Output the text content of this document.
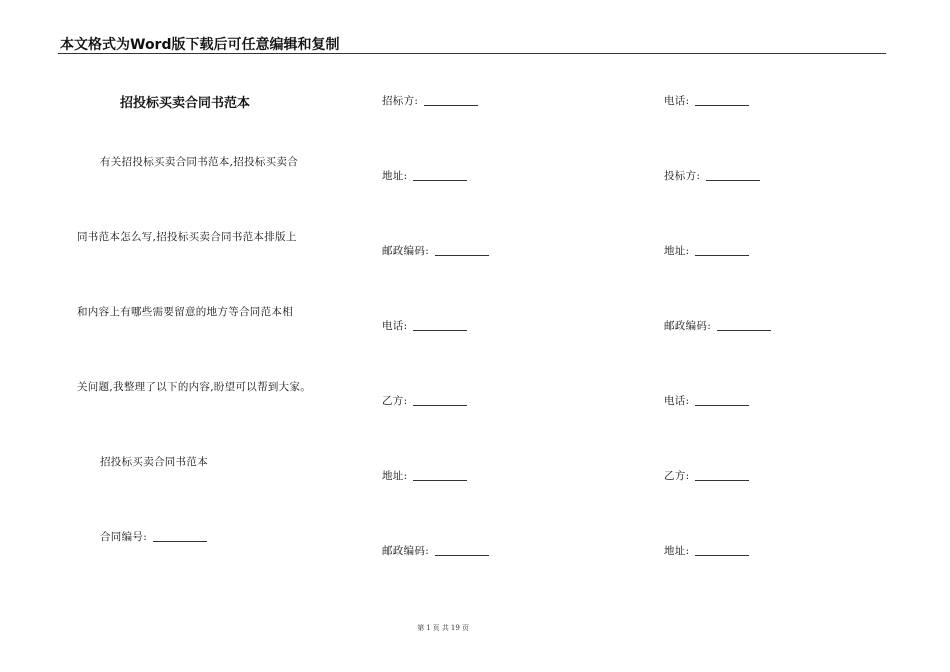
本文格式为Word版下载后可任意编辑和复制
招投标买卖合同书范本
有关招投标买卖合同书范本,招投标买卖合
同书范本怎么写,招投标买卖合同书范本排版上
和内容上有哪些需要留意的地方等合同范本相
关问题,我整理了以下的内容,盼望可以帮到大家。
招投标买卖合同书范本
合同编号:
招标方:
地址:
邮政编码:
电话:
乙方:
地址:
邮政编码:
电话:
投标方:
地址:
邮政编码:
电话:
乙方:
地址:
第 1 页 共 19 页
